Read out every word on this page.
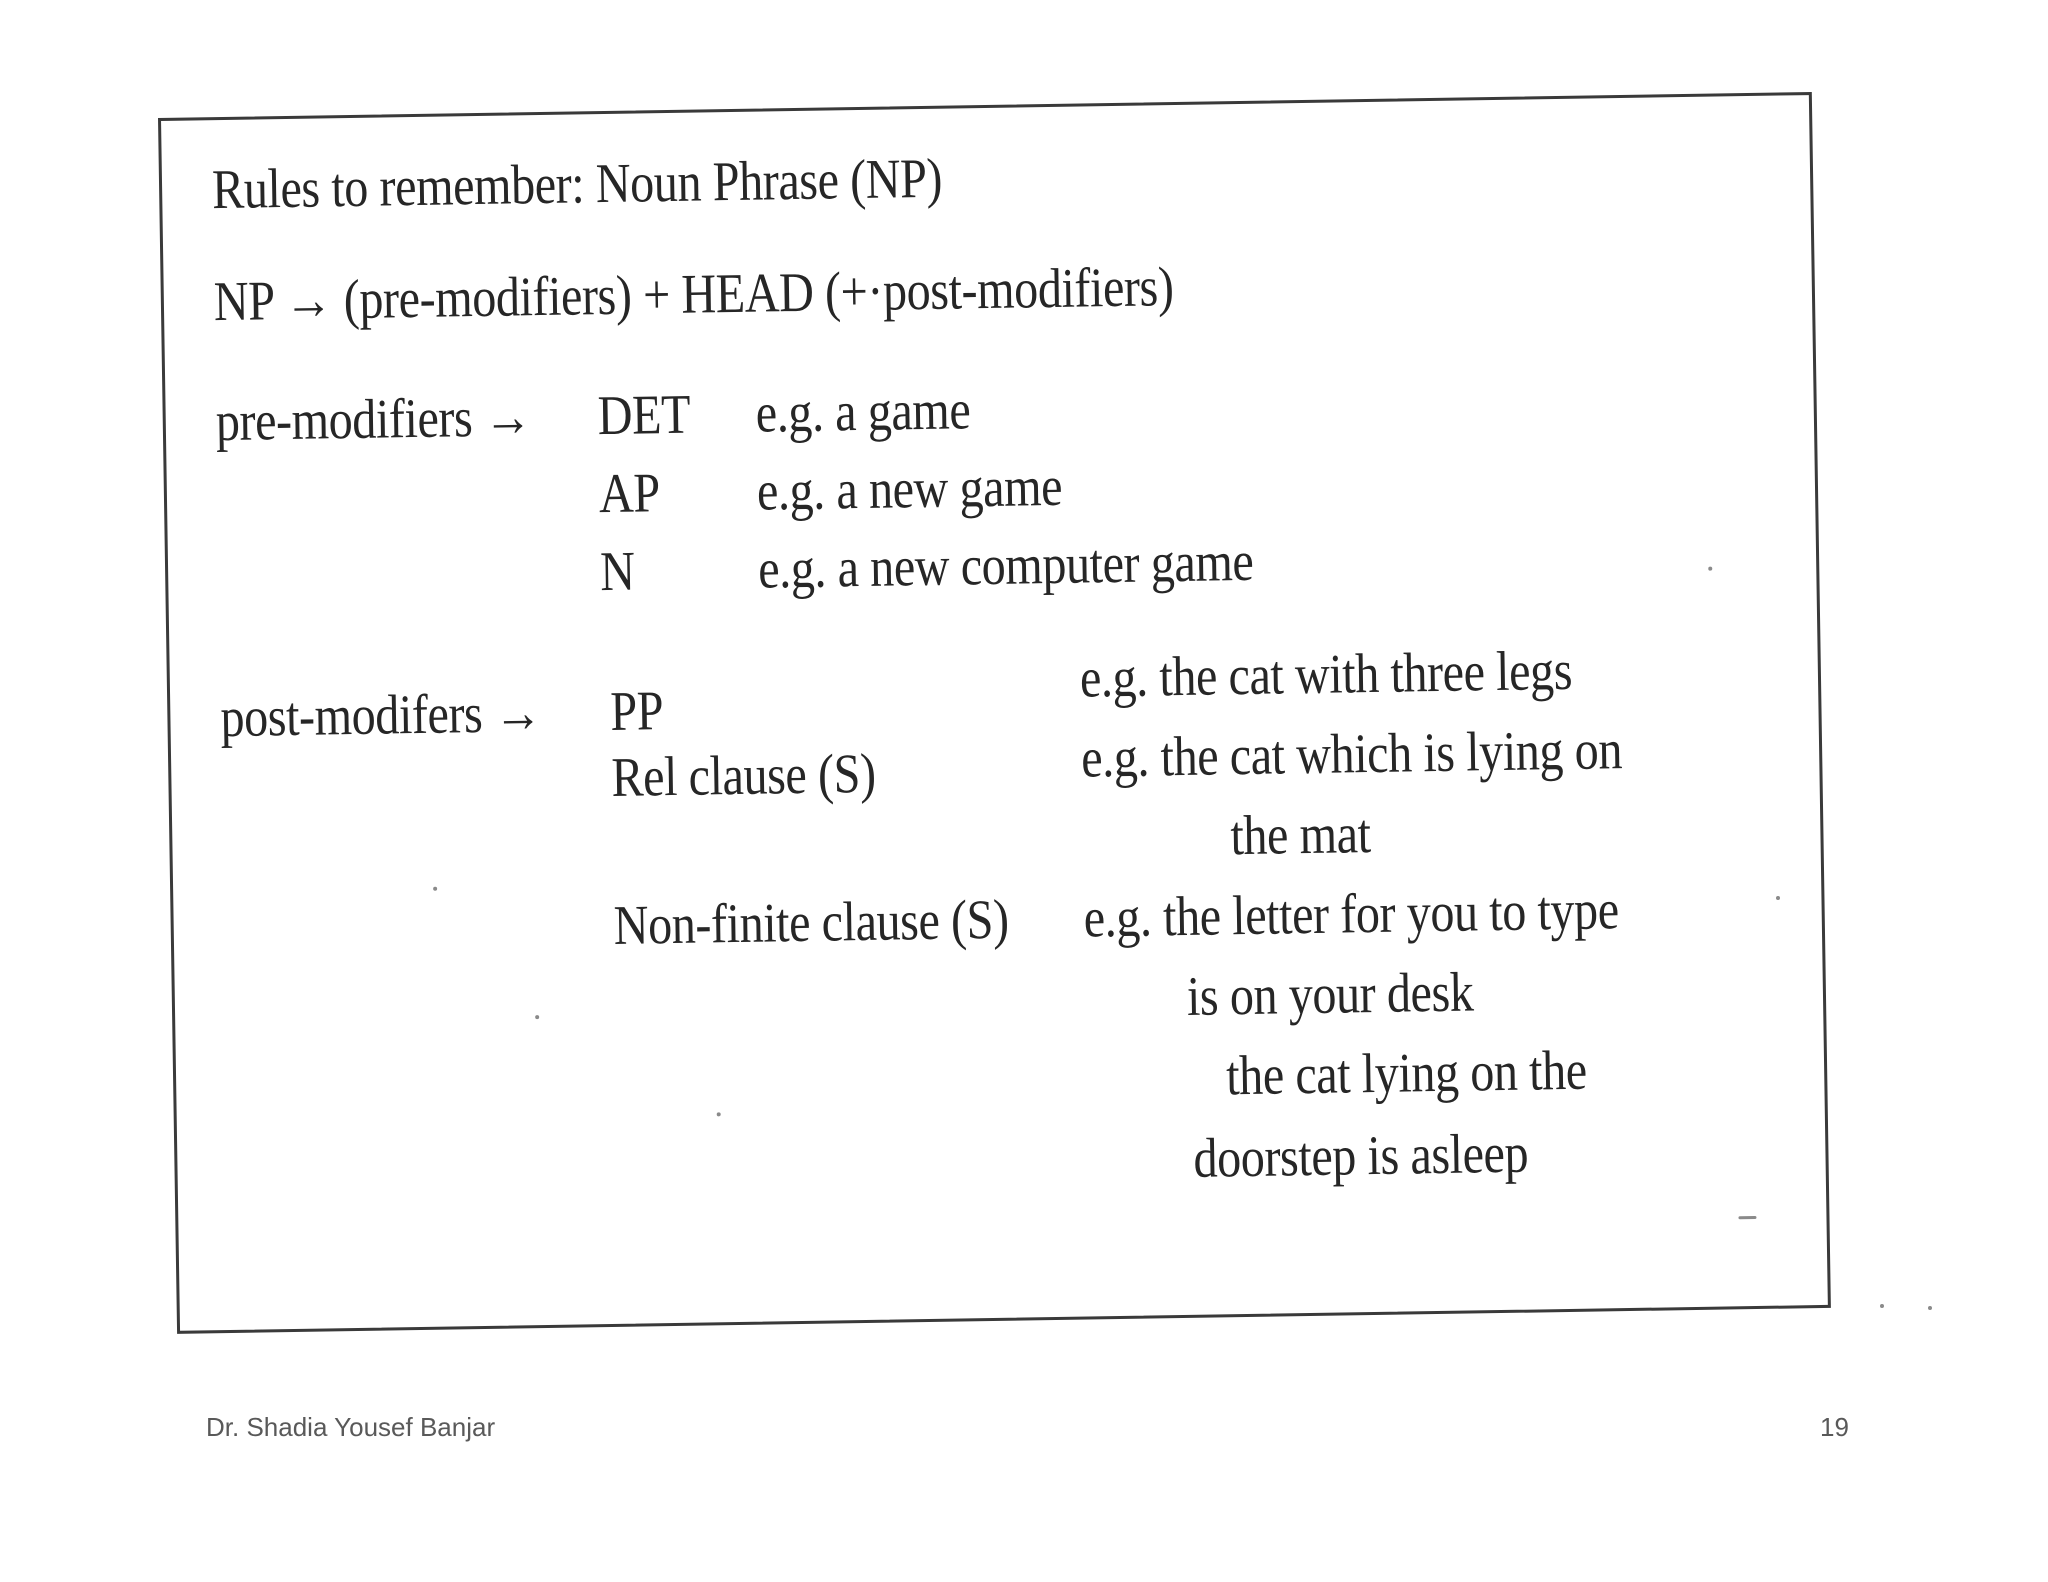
Rules to remember: Noun Phrase (NP)
NP → (pre-modifiers) + HEAD (+·post-modifiers)
pre-modifiers → DET e.g. a game
AP e.g. a new game
N e.g. a new computer game
post-modifers → PP
e.g. the cat with three legs
Rel clause (S)	e.g. the cat which is lying on
the mat
Non-finite clause (S) e.g. the letter for you to type
is on your desk
the cat lying on the
doorstep is asleep
Dr. Shadia Yousef Banjar	19
